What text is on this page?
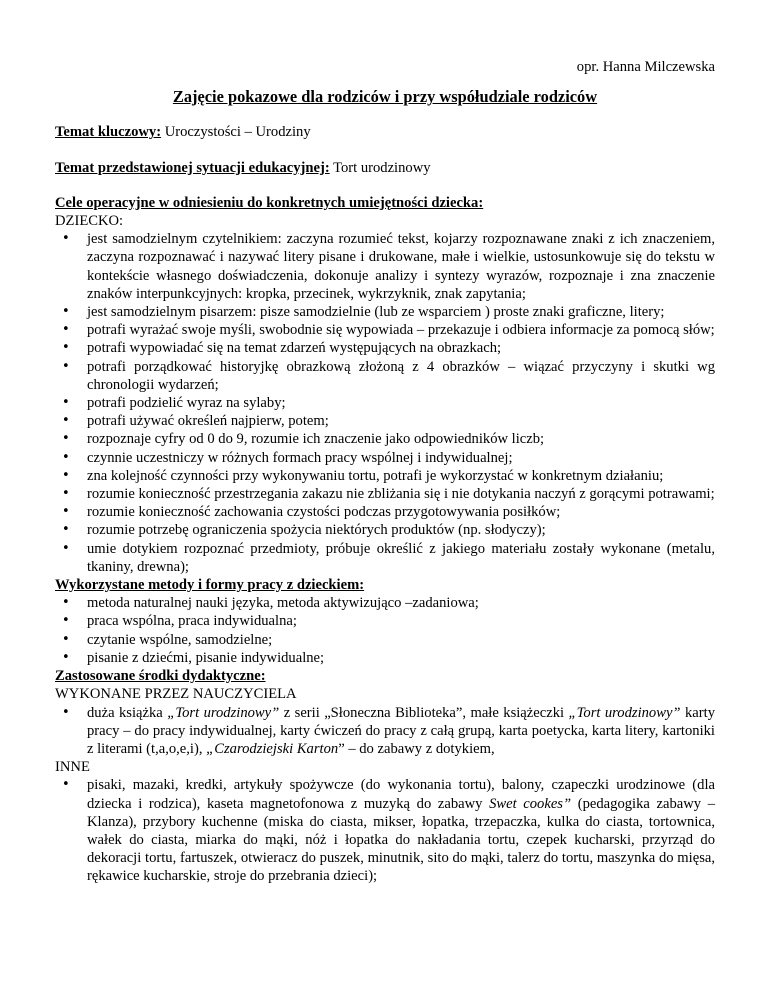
opr. Hanna Milczewska
Zajęcie pokazowe dla rodziców i przy współudziale rodziców
Temat kluczowy: Uroczystości – Urodziny
Temat przedstawionej sytuacji edukacyjnej: Tort urodzinowy
Cele operacyjne w odniesieniu do konkretnych umiejętności dziecka:
DZIECKO:
• jest samodzielnym czytelnikiem: zaczyna rozumieć tekst, kojarzy rozpoznawane znaki z ich znaczeniem, zaczyna rozpoznawać i nazywać litery pisane i drukowane, małe i wielkie, ustosunkowuje się do tekstu w kontekście własnego doświadczenia, dokonuje analizy i syntezy wyrazów, rozpoznaje i zna znaczenie znaków interpunkcyjnych: kropka, przecinek, wykrzyknik, znak zapytania;
• jest samodzielnym pisarzem: pisze samodzielnie (lub ze wsparciem ) proste znaki graficzne, litery;
• potrafi wyrażać swoje myśli, swobodnie się wypowiada – przekazuje i odbiera informacje za pomocą słów;
• potrafi wypowiadać się na temat zdarzeń występujących na obrazkach;
• potrafi porządkować historyjkę obrazkową złożoną z 4 obrazków – wiązać przyczyny i skutki wg chronologii wydarzeń;
• potrafi podzielić wyraz na sylaby;
• potrafi używać określeń najpierw, potem;
• rozpoznaje cyfry od 0 do 9, rozumie ich znaczenie jako odpowiedników liczb;
• czynnie uczestniczy w różnych formach pracy wspólnej i indywidualnej;
• zna kolejność czynności przy wykonywaniu tortu, potrafi je wykorzystać w konkretnym działaniu;
• rozumie konieczność przestrzegania zakazu nie zbliżania się i nie dotykania naczyń z gorącymi potrawami;
• rozumie konieczność zachowania czystości podczas przygotowywania posiłków;
• rozumie potrzebę ograniczenia spożycia niektórych produktów (np. słodyczy);
• umie dotykiem rozpoznać przedmioty, próbuje określić z jakiego materiału zostały wykonane (metalu, tkaniny, drewna);
Wykorzystane metody i formy pracy z dzieckiem:
• metoda naturalnej nauki języka, metoda aktywizująco –zadaniowa;
• praca wspólna, praca indywidualna;
• czytanie wspólne, samodzielne;
• pisanie z dziećmi, pisanie indywidualne;
Zastosowane środki dydaktyczne:
WYKONANE PRZEZ NAUCZYCIELA
• duża książka „Tort urodzinowy” z serii „Słoneczna Biblioteka”, małe książeczki „Tort urodzinowy” karty pracy – do pracy indywidualnej, karty ćwiczeń do pracy z całą grupą, karta poetycka, karta litery, kartoniki z literami (t,a,o,e,i), „Czarodziejski Karton” – do zabawy z dotykiem,
INNE
• pisaki, mazaki, kredki, artykuły spożywcze (do wykonania tortu), balony, czapeczki urodzinowe (dla dziecka i rodzica), kaseta magnetofonowa z muzyką do zabawy Swet cookes” (pedagogika zabawy – Klanza), przybory kuchenne (miska do ciasta, mikser, łopatka, trzepaczka, kulka do ciasta, tortownica, wałek do ciasta, miarka do mąki, nóż i łopatka do nakładania tortu, czepek kucharski, przyrząd do dekoracji tortu, fartuszek, otwieracz do puszek, minutnik, sito do mąki, talerz do tortu, maszynka do mięsa, rękawice kucharskie, stroje do przebrania dzieci);
